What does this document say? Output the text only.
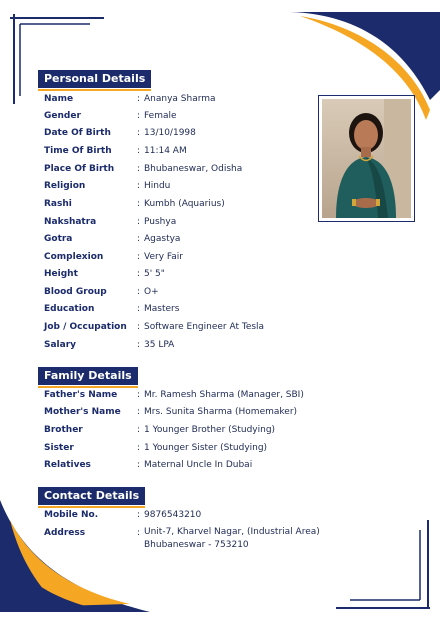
Personal Details
Name	: Ananya Sharma
Gender	: Female
Date Of Birth	: 13/10/1998
Time Of Birth	: 11:14 AM
Place Of Birth	: Bhubaneswar, Odisha
Religion	: Hindu
Rashi	: Kumbh (Aquarius)
Nakshatra	: Pushya
Gotra	: Agastya
Complexion	: Very Fair
Height	: 5' 5"
Blood Group	: O+
Education	: Masters
Job / Occupation	: Software Engineer At Tesla
Salary	: 35 LPA
Family Details
Father's Name	: Mr. Ramesh Sharma (Manager, SBI)
Mother's Name	: Mrs. Sunita Sharma (Homemaker)
Brother	: 1 Younger Brother (Studying)
Sister	: 1 Younger Sister (Studying)
Relatives	: Maternal Uncle In Dubai
Contact Details
Mobile No.	: 9876543210
Address	: Unit-7, Kharvel Nagar, (Industrial Area)
Bhubaneswar - 753210
